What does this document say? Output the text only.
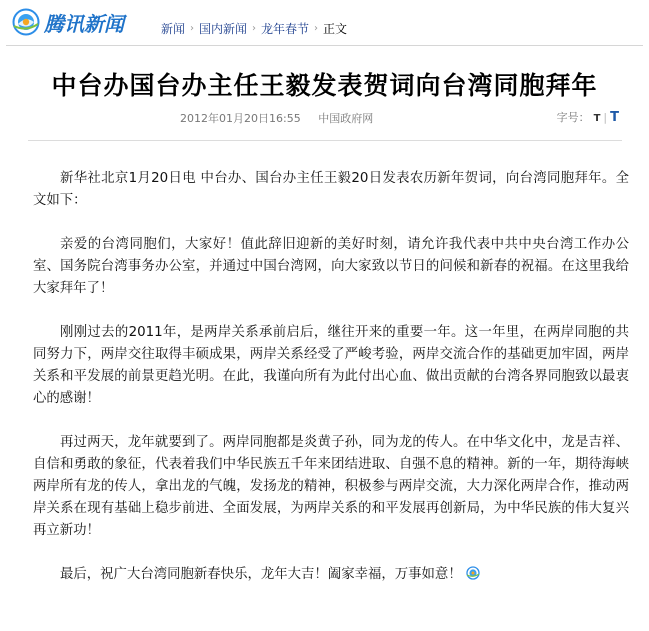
腾讯新闻	新闻 › 国内新闻 › 龙年春节 › 正文
中台办国台办主任王毅发表贺词向台湾同胞拜年
2012年01月20日16:55 中国政府网	字号： T | T

新华社北京1月20日电 中台办、国台办主任王毅20日发表农历新年贺词，向台湾同胞拜年。全文如下：

亲爱的台湾同胞们，大家好！值此辞旧迎新的美好时刻，请允许我代表中共中央台湾工作办公室、国务院台湾事务办公室，并通过中国台湾网，向大家致以节日的问候和新春的祝福。在这里我给大家拜年了！

刚刚过去的2011年，是两岸关系承前启后，继往开来的重要一年。这一年里，在两岸同胞的共同努力下，两岸交往取得丰硕成果，两岸关系经受了严峻考验，两岸交流合作的基础更加牢固，两岸关系和平发展的前景更趋光明。在此，我谨向所有为此付出心血、做出贡献的台湾各界同胞致以最衷心的感谢！

再过两天，龙年就要到了。两岸同胞都是炎黄子孙，同为龙的传人。在中华文化中，龙是吉祥、自信和勇敢的象征，代表着我们中华民族五千年来团结进取、自强不息的精神。新的一年，期待海峡两岸所有龙的传人，拿出龙的气魄，发扬龙的精神，积极参与两岸交流，大力深化两岸合作，推动两岸关系在现有基础上稳步前进、全面发展，为两岸关系的和平发展再创新局，为中华民族的伟大复兴再立新功！

最后，祝广大台湾同胞新春快乐，龙年大吉！阖家幸福，万事如意！
